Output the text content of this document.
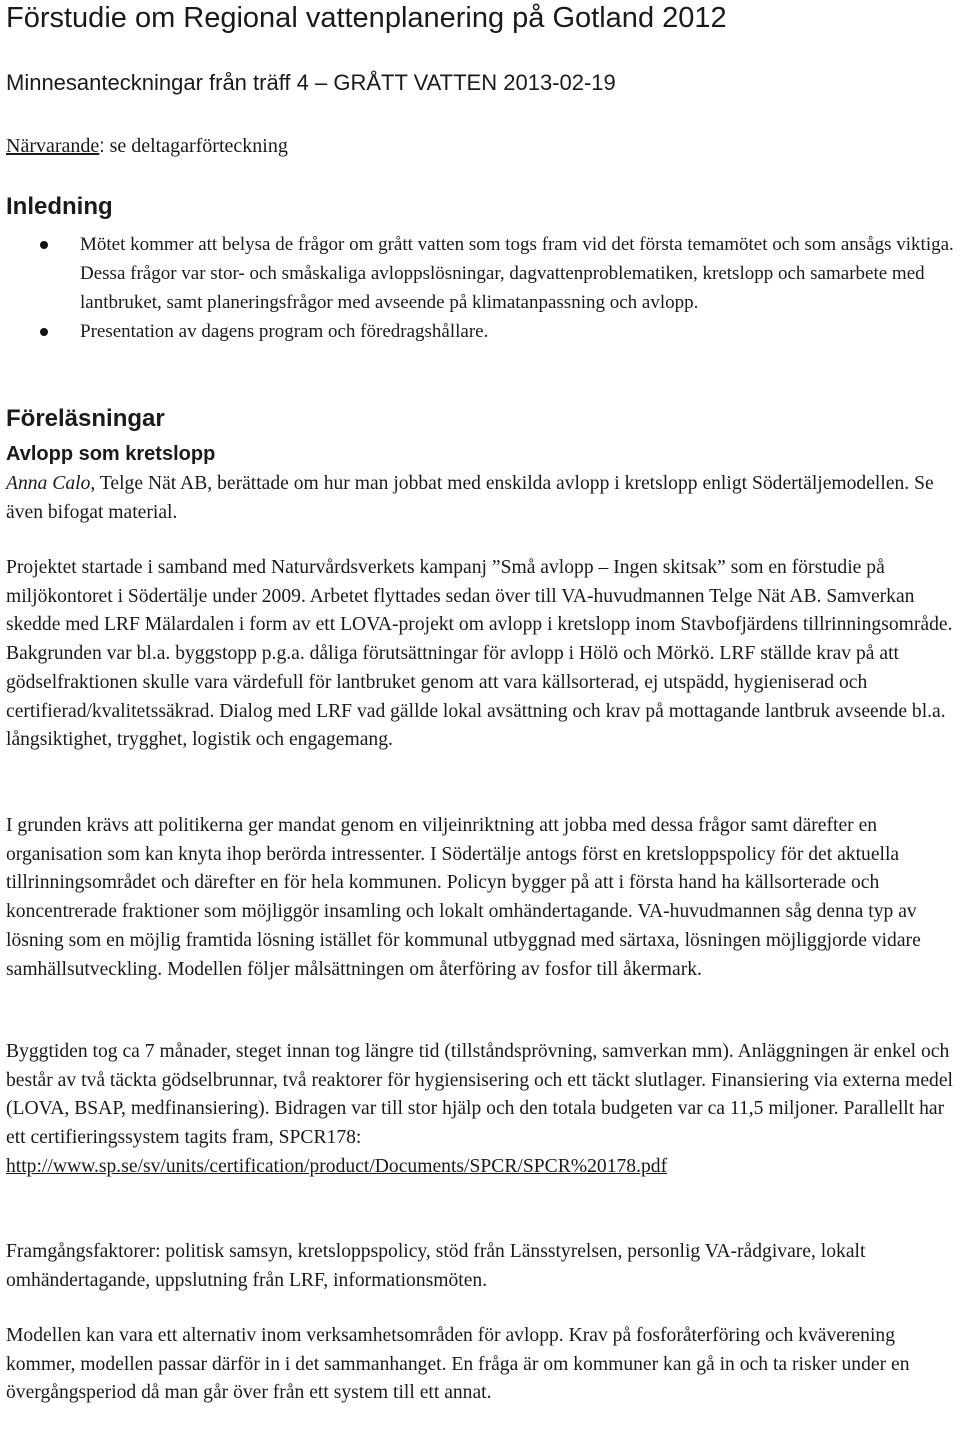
Förstudie om Regional vattenplanering på Gotland 2012
Minnesanteckningar från träff 4 – GRÅTT VATTEN 2013-02-19

Närvarande: se deltagarförteckning

Inledning
Mötet kommer att belysa de frågor om grått vatten som togs fram vid det första temamötet och som ansågs viktiga. Dessa frågor var stor- och småskaliga avloppslösningar, dagvattenproblematiken, kretslopp och samarbete med lantbruket, samt planeringsfrågor med avseende på klimatanpassning och avlopp.
Presentation av dagens program och föredragshållare.
Föreläsningar
Avlopp som kretslopp

Anna Calo, Telge Nät AB, berättade om hur man jobbat med enskilda avlopp i kretslopp enligt Södertäljemodellen. Se även bifogat material.

Projektet startade i samband med Naturvårdsverkets kampanj ”Små avlopp – Ingen skitsak” som en förstudie på miljökontoret i Södertälje under 2009. Arbetet flyttades sedan över till VA-huvudmannen Telge Nät AB. Samverkan skedde med LRF Mälardalen i form av ett LOVA-projekt om avlopp i kretslopp inom Stavbofjärdens tillrinningsområde. Bakgrunden var bl.a. byggstopp p.g.a. dåliga förutsättningar för avlopp i Hölö och Mörkö. LRF ställde krav på att gödselfraktionen skulle vara värdefull för lantbruket genom att vara källsorterad, ej utspädd, hygieniserad och certifierad/kvalitetssäkrad. Dialog med LRF vad gällde lokal avsättning och krav på mottagande lantbruk avseende bl.a. långsiktighet, trygghet, logistik och engagemang.

I grunden krävs att politikerna ger mandat genom en viljeinriktning att jobba med dessa frågor samt därefter en organisation som kan knyta ihop berörda intressenter. I Södertälje antogs först en kretsloppspolicy för det aktuella tillrinningsområdet och därefter en för hela kommunen. Policyn bygger på att i första hand ha källsorterade och koncentrerade fraktioner som möjliggör insamling och lokalt omhändertagande. VA-huvudmannen såg denna typ av lösning som en möjlig framtida lösning istället för kommunal utbyggnad med särtaxa, lösningen möjliggjorde vidare samhällsutveckling. Modellen följer målsättningen om återföring av fosfor till åkermark.

Byggtiden tog ca 7 månader, steget innan tog längre tid (tillståndsprövning, samverkan mm). Anläggningen är enkel och består av två täckta gödselbrunnar, två reaktorer för hygiensisering och ett täckt slutlager. Finansiering via externa medel (LOVA, BSAP, medfinansiering). Bidragen var till stor hjälp och den totala budgeten var ca 11,5 miljoner. Parallellt har ett certifieringssystem tagits fram, SPCR178:
http://www.sp.se/sv/units/certification/product/Documents/SPCR/SPCR%20178.pdf

Framgångsfaktorer: politisk samsyn, kretsloppspolicy, stöd från Länsstyrelsen, personlig VA-rådgivare, lokalt omhändertagande, uppslutning från LRF, informationsmöten.

Modellen kan vara ett alternativ inom verksamhetsområden för avlopp. Krav på fosforåterföring och kväverening kommer, modellen passar därför in i det sammanhanget. En fråga är om kommuner kan gå in och ta risker under en övergångsperiod då man går över från ett system till ett annat.
